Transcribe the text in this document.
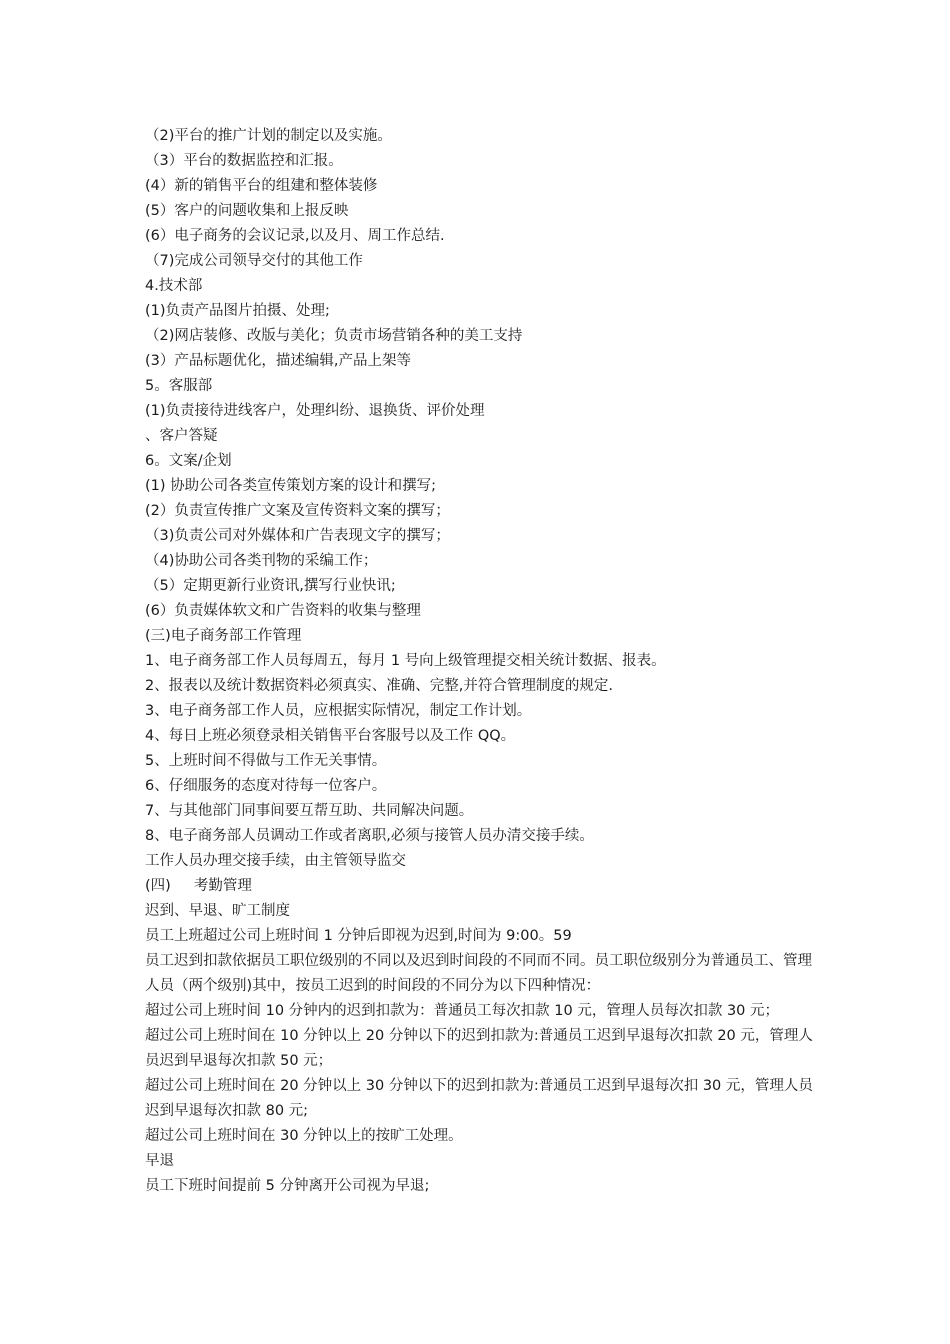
（2)平台的推广计划的制定以及实施。
（3）平台的数据监控和汇报。
(4）新的销售平台的组建和整体装修
(5）客户的问题收集和上报反映
(6）电子商务的会议记录,以及月、周工作总结.
（7)完成公司领导交付的其他工作
4.技术部
(1)负责产品图片拍摄、处理;
（2)网店装修、改版与美化；负责市场营销各种的美工支持
(3）产品标题优化，描述编辑,产品上架等
5。客服部
(1)负责接待进线客户，处理纠纷、退换货、评价处理
、客户答疑
6。文案/企划
(1) 协助公司各类宣传策划方案的设计和撰写;
(2）负责宣传推广文案及宣传资料文案的撰写；
（3)负责公司对外媒体和广告表现文字的撰写；
（4)协助公司各类刊物的采编工作；
（5）定期更新行业资讯,撰写行业快讯;
(6）负责媒体软文和广告资料的收集与整理
(三)电子商务部工作管理
1、电子商务部工作人员每周五，每月 1 号向上级管理提交相关统计数据、报表。
2、报表以及统计数据资料必须真实、准确、完整,并符合管理制度的规定.
3、电子商务部工作人员，应根据实际情况，制定工作计划。
4、每日上班必须登录相关销售平台客服号以及工作 QQ。
5、上班时间不得做与工作无关事情。
6、仔细服务的态度对待每一位客户。
7、与其他部门同事间要互帮互助、共同解决问题。
8、电子商务部人员调动工作或者离职,必须与接管人员办清交接手续。
工作人员办理交接手续，由主管领导监交
(四)     考勤管理
迟到、早退、旷工制度
员工上班超过公司上班时间 1 分钟后即视为迟到,时间为 9:00。59
员工迟到扣款依据员工职位级别的不同以及迟到时间段的不同而不同。员工职位级别分为普通员工、管理人员（两个级别)其中，按员工迟到的时间段的不同分为以下四种情况：
超过公司上班时间 10 分钟内的迟到扣款为：普通员工每次扣款 10 元，管理人员每次扣款 30 元；
超过公司上班时间在 10 分钟以上 20 分钟以下的迟到扣款为:普通员工迟到早退每次扣款 20 元，管理人员迟到早退每次扣款 50 元；
超过公司上班时间在 20 分钟以上 30 分钟以下的迟到扣款为:普通员工迟到早退每次扣 30 元，管理人员迟到早退每次扣款 80 元;
超过公司上班时间在 30 分钟以上的按旷工处理。
早退
员工下班时间提前 5 分钟离开公司视为早退;
